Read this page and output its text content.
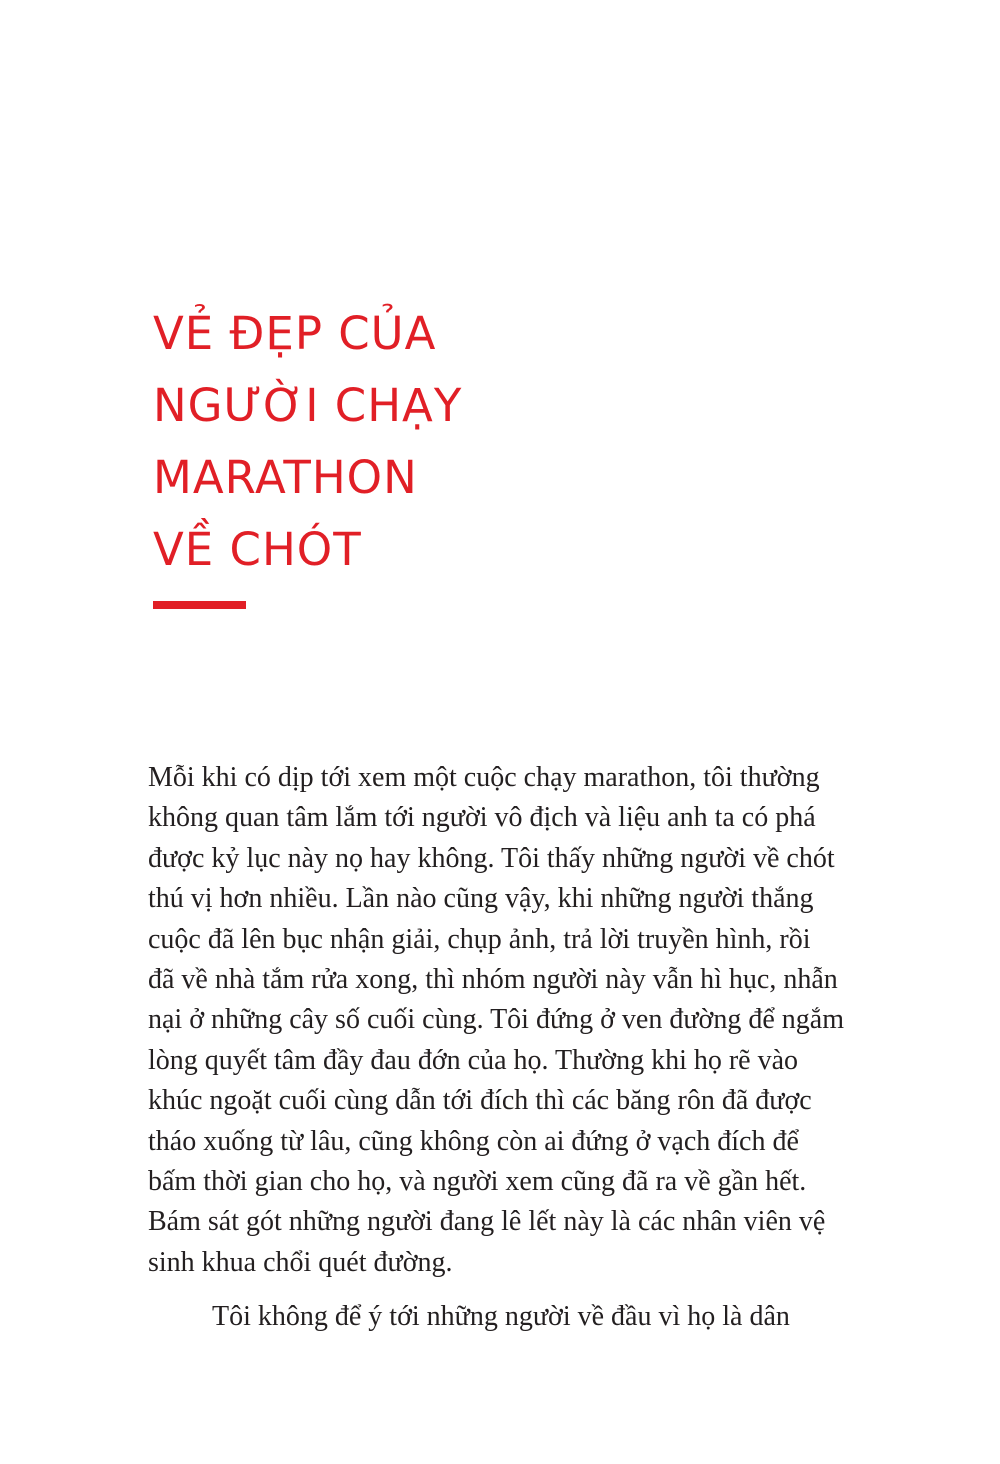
VẺ ĐẸP CỦA
NGƯỜI CHẠY
MARATHON
VỀ CHÓT

Mỗi khi có dịp tới xem một cuộc chạy marathon, tôi thường
không quan tâm lắm tới người vô địch và liệu anh ta có phá
được kỷ lục này nọ hay không. Tôi thấy những người về chót
thú vị hơn nhiều. Lần nào cũng vậy, khi những người thắng
cuộc đã lên bục nhận giải, chụp ảnh, trả lời truyền hình, rồi
đã về nhà tắm rửa xong, thì nhóm người này vẫn hì hục, nhẫn
nại ở những cây số cuối cùng. Tôi đứng ở ven đường để ngắm
lòng quyết tâm đầy đau đớn của họ. Thường khi họ rẽ vào
khúc ngoặt cuối cùng dẫn tới đích thì các băng rôn đã được
tháo xuống từ lâu, cũng không còn ai đứng ở vạch đích để
bấm thời gian cho họ, và người xem cũng đã ra về gần hết.
Bám sát gót những người đang lê lết này là các nhân viên vệ
sinh khua chổi quét đường.

Tôi không để ý tới những người về đầu vì họ là dân
